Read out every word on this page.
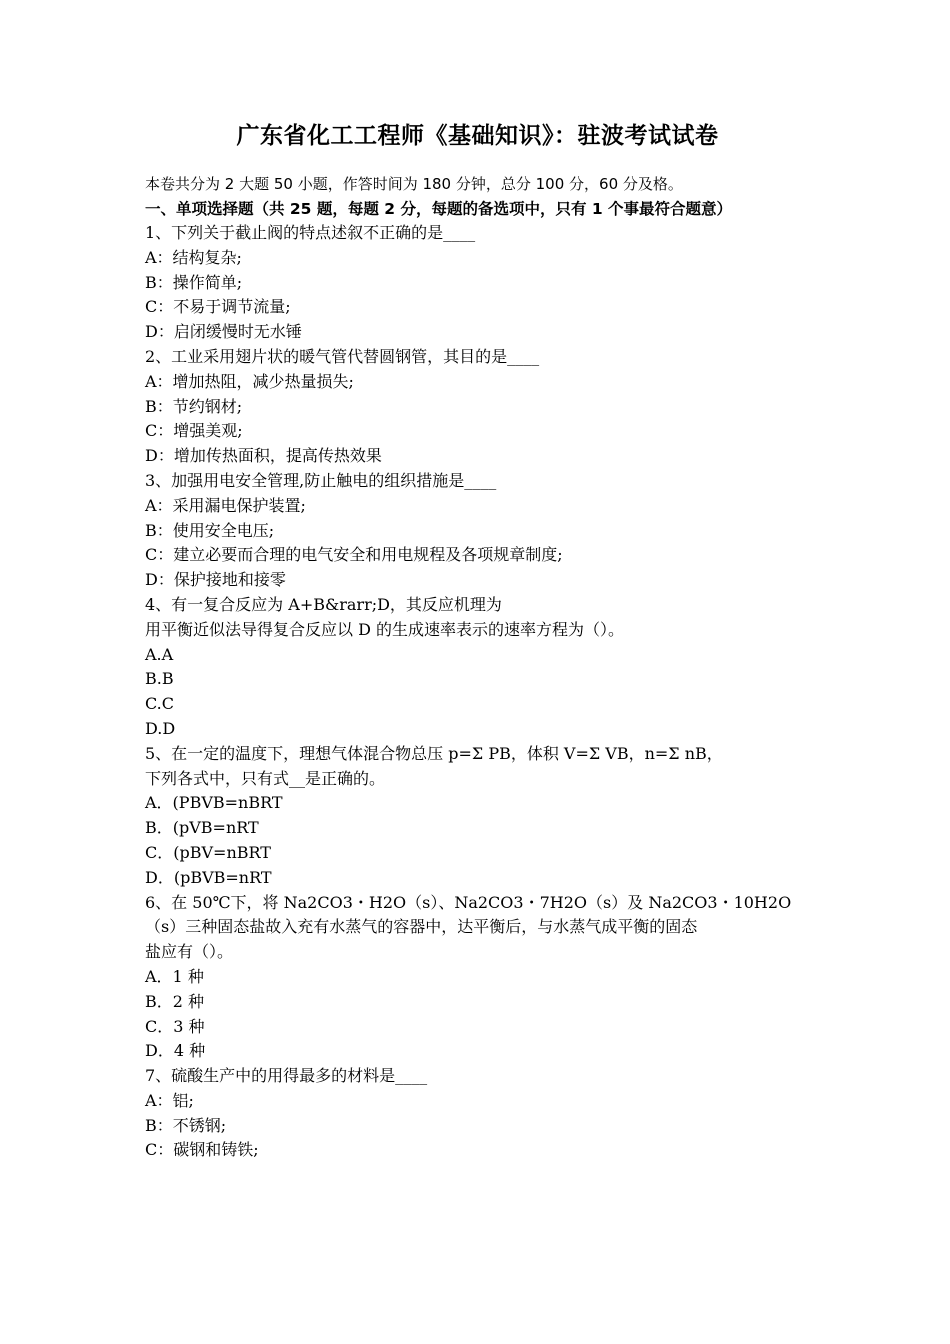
广东省化工工程师《基础知识》：驻波考试试卷
本卷共分为 2 大题 50 小题，作答时间为 180 分钟，总分 100 分，60 分及格。
一、单项选择题（共 25 题，每题 2 分，每题的备选项中，只有 1 个事最符合题意）
1、下列关于截止阀的特点述叙不正确的是____
A：结构复杂;
B：操作简单;
C：不易于调节流量;
D：启闭缓慢时无水锤
2、工业采用翅片状的暖气管代替圆钢管，其目的是____
A：增加热阻，减少热量损失;
B：节约钢材;
C：增强美观;
D：增加传热面积，提高传热效果
3、加强用电安全管理,防止触电的组织措施是____
A：采用漏电保护装置;
B：使用安全电压;
C：建立必要而合理的电气安全和用电规程及各项规章制度;
D：保护接地和接零
4、有一复合反应为 A+B&rarr;D，其反应机理为
用平衡近似法导得复合反应以 D 的生成速率表示的速率方程为（）。
A.A
B.B
C.C
D.D
5、在一定的温度下，理想气体混合物总压 p=Σ PB，体积 V=Σ VB，n=Σ nB，
下列各式中，只有式__是正确的。
A．(PBVB=nBRT
B．(pVB=nRT
C．(pBV=nBRT
D．(pBVB=nRT
6、在 50℃下，将 Na2CO3・H2O（s）、Na2CO3・7H2O（s）及 Na2CO3・10H2O
（s）三种固态盐故入充有水蒸气的容器中，达平衡后，与水蒸气成平衡的固态
盐应有（）。
A．1 种
B．2 种
C．3 种
D．4 种
7、硫酸生产中的用得最多的材料是____
A：铝;
B：不锈钢;
C：碳钢和铸铁;
